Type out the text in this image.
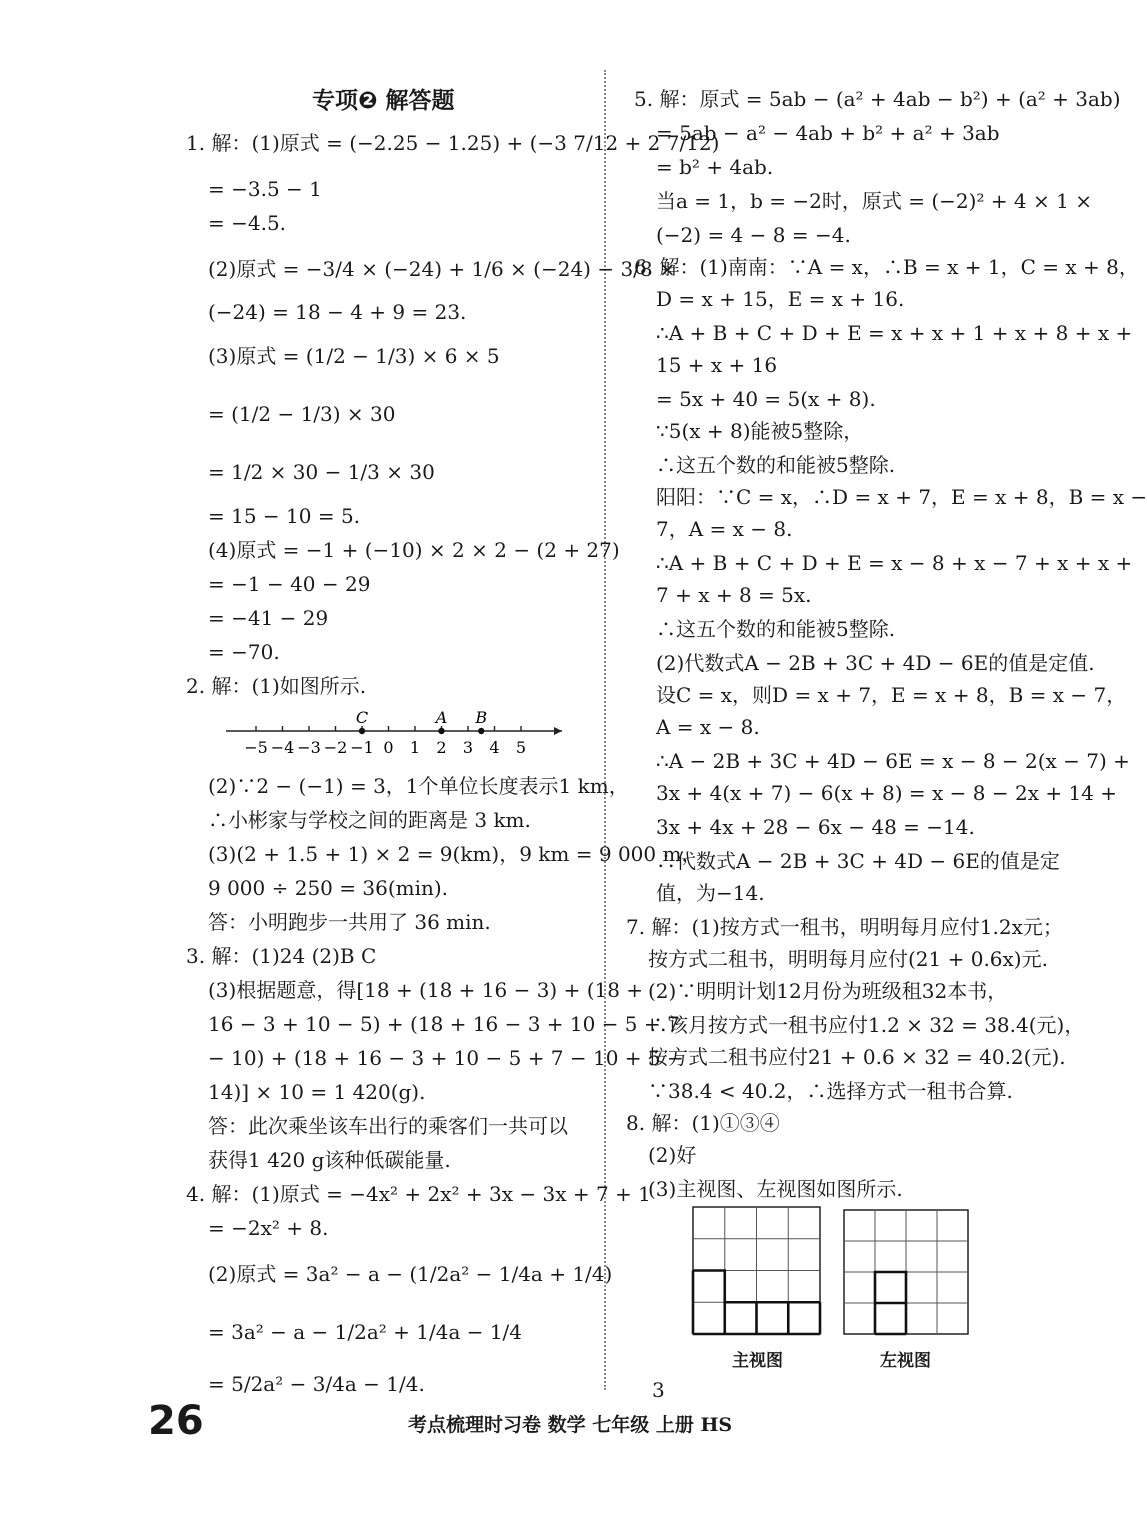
专项❷ 解答题
1. 解：(1)原式 = (−2.25 − 1.25) + (−3 7/12 + 2 7/12)
= −3.5 − 1
= −4.5.
(2)原式 = −3/4 × (−24) + 1/6 × (−24) − 3/8 ×
(−24) = 18 − 4 + 9 = 23.
(3)原式 = (1/2 − 1/3) × 6 × 5
= (1/2 − 1/3) × 30
= 1/2 × 30 − 1/3 × 30
= 15 − 10 = 5.
(4)原式 = −1 + (−10) × 2 × 2 − (2 + 27)
= −1 − 40 − 29
= −41 − 29
= −70.
2. 解：(1)如图所示.
(2)∵2 − (−1) = 3，1个单位长度表示1 km，
∴小彬家与学校之间的距离是 3 km.
(3)(2 + 1.5 + 1) × 2 = 9(km)，9 km = 9 000 m，
9 000 ÷ 250 = 36(min).
答：小明跑步一共用了 36 min.
3. 解：(1)24 (2)B C
(3)根据题意，得[18 + (18 + 16 − 3) + (18 +
16 − 3 + 10 − 5) + (18 + 16 − 3 + 10 − 5 + 7
− 10) + (18 + 16 − 3 + 10 − 5 + 7 − 10 + 5 −
14)] × 10 = 1 420(g).
答：此次乘坐该车出行的乘客们一共可以
获得1 420 g该种低碳能量.
4. 解：(1)原式 = −4x² + 2x² + 3x − 3x + 7 + 1
= −2x² + 8.
(2)原式 = 3a² − a − (1/2a² − 1/4a + 1/4)
= 3a² − a − 1/2a² + 1/4a − 1/4
= 5/2a² − 3/4a − 1/4.
5. 解：原式 = 5ab − (a² + 4ab − b²) + (a² + 3ab)
= 5ab − a² − 4ab + b² + a² + 3ab
= b² + 4ab.
当a = 1，b = −2时，原式 = (−2)² + 4 × 1 ×
(−2) = 4 − 8 = −4.
6. 解：(1)南南：∵A = x，∴B = x + 1，C = x + 8，
D = x + 15，E = x + 16.
∴A + B + C + D + E = x + x + 1 + x + 8 + x +
15 + x + 16
= 5x + 40 = 5(x + 8).
∵5(x + 8)能被5整除，
∴这五个数的和能被5整除.
阳阳：∵C = x，∴D = x + 7，E = x + 8，B = x −
7，A = x − 8.
∴A + B + C + D + E = x − 8 + x − 7 + x + x +
7 + x + 8 = 5x.
∴这五个数的和能被5整除.
(2)代数式A − 2B + 3C + 4D − 6E的值是定值.
设C = x，则D = x + 7，E = x + 8，B = x − 7，
A = x − 8.
∴A − 2B + 3C + 4D − 6E = x − 8 − 2(x − 7) +
3x + 4(x + 7) − 6(x + 8) = x − 8 − 2x + 14 +
3x + 4x + 28 − 6x − 48 = −14.
∴代数式A − 2B + 3C + 4D − 6E的值是定
值，为−14.
7. 解：(1)按方式一租书，明明每月应付1.2x元；
按方式二租书，明明每月应付(21 + 0.6x)元.
(2)∵明明计划12月份为班级租32本书，
∴该月按方式一租书应付1.2 × 32 = 38.4(元)，
按方式二租书应付21 + 0.6 × 32 = 40.2(元).
∵38.4 < 40.2，∴选择方式一租书合算.
8. 解：(1)①③④
(2)好
(3)主视图、左视图如图所示.
3
−5 −4 −3 −2 −1 0 1 2 3 4 5
C	A B
主视图	左视图
26	考点梳理时习卷 数学 七年级 上册 HS
